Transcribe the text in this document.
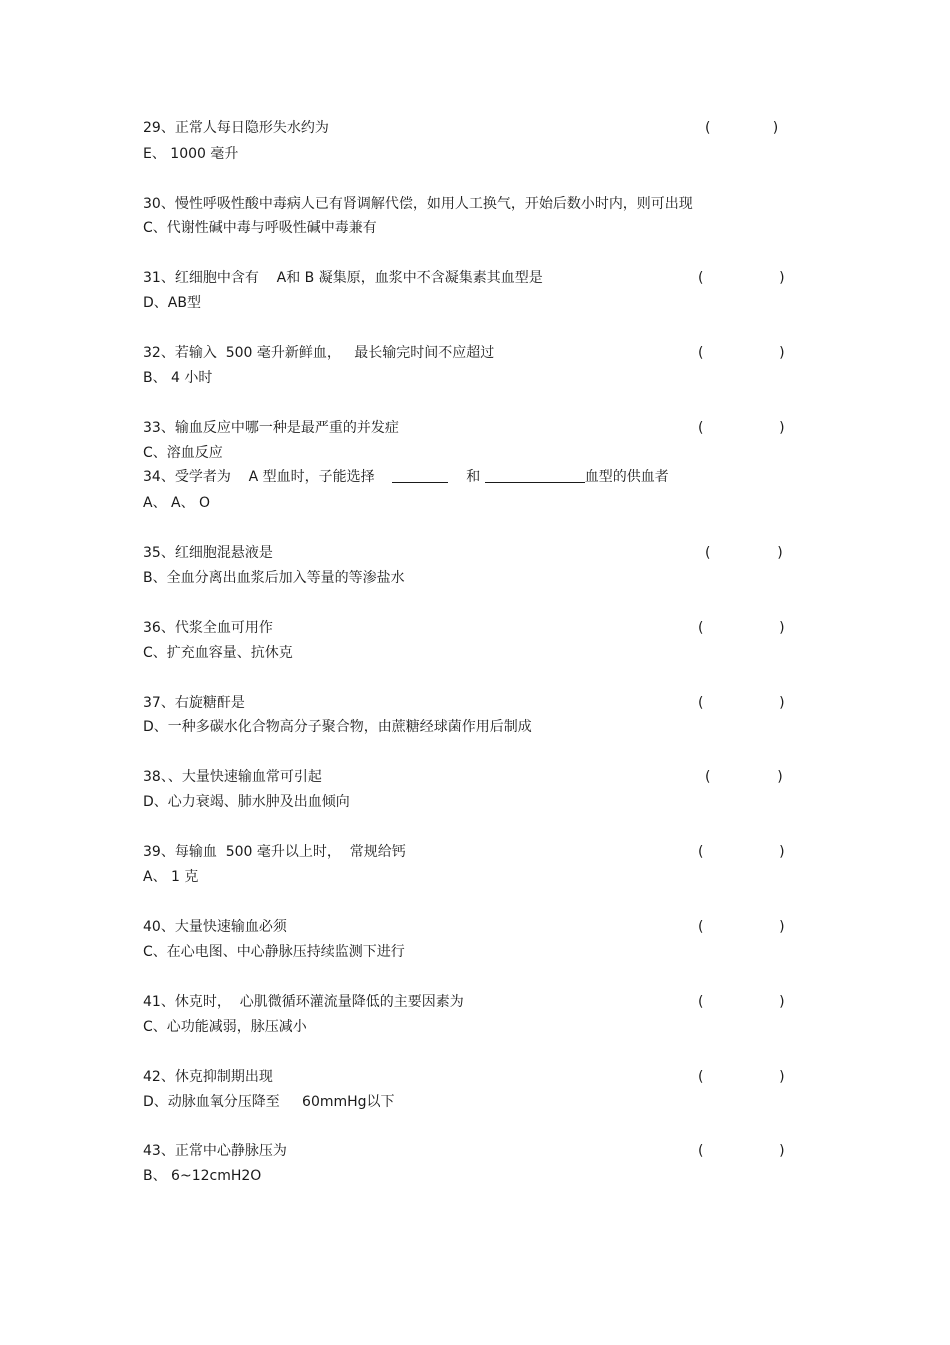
29、正常人每日隐形失水约为	(              )
E、 1000 毫升
30、慢性呼吸性酸中毒病人已有肾调解代偿，如用人工换气，开始后数小时内，则可出现
C、代谢性碱中毒与呼吸性碱中毒兼有
31、红细胞中含有    A和 B 凝集原，血浆中不含凝集素其血型是	(                 )
D、AB型
32、若输入  500 毫升新鲜血，   最长输完时间不应超过	(                 )
B、 4 小时
33、输血反应中哪一种是最严重的并发症	(                 )
C、溶血反应
34、受学者为    A 型血时，子能选择	和	血型的供血者
A、 A、 O
35、红细胞混悬液是	(               )
B、全血分离出血浆后加入等量的等渗盐水
36、代浆全血可用作	(                 )
C、扩充血容量、抗休克
37、右旋糖酐是	(                 )
D、一种多碳水化合物高分子聚合物，由蔗糖经球菌作用后制成
38、、大量快速输血常可引起	(               )
D、心力衰竭、肺水肿及出血倾向
39、每输血  500 毫升以上时，  常规给钙	(                 )
A、 1 克
40、大量快速输血必须	(                 )
C、在心电图、中心静脉压持续监测下进行
41、休克时，  心肌微循环灌流量降低的主要因素为	(                 )
C、心功能减弱，脉压减小
42、休克抑制期出现	(                 )
D、动脉血氧分压降至     60mmHg以下
43、正常中心静脉压为	(                 )
B、 6~12cmH2O
